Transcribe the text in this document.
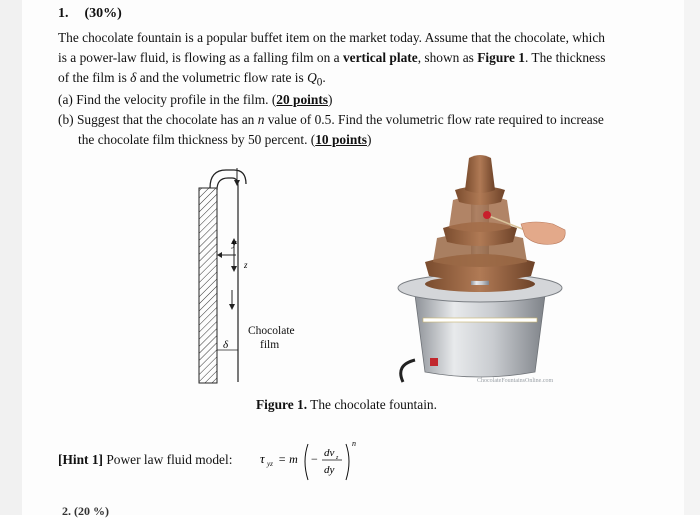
1. (30%)
The chocolate fountain is a popular buffet item on the market today. Assume that the chocolate, which
is a power-law fluid, is flowing as a falling film on a vertical plate, shown as Figure 1. The thickness
of the film is δ and the volumetric flow rate is $Q_0$.
(a) Find the velocity profile in the film. (20 points)
(b) Suggest that the chocolate has an n value of 0.5. Find the volumetric flow rate required to increase
the chocolate film thickness by 50 percent. (10 points)
y
z
δ
Chocolate
film
ChocolateFountainsOnline.com
Figure 1. The chocolate fountain.
[Hint 1] Power law fluid model: τ yz = m − dv z
dy
n
2. (20 %)
